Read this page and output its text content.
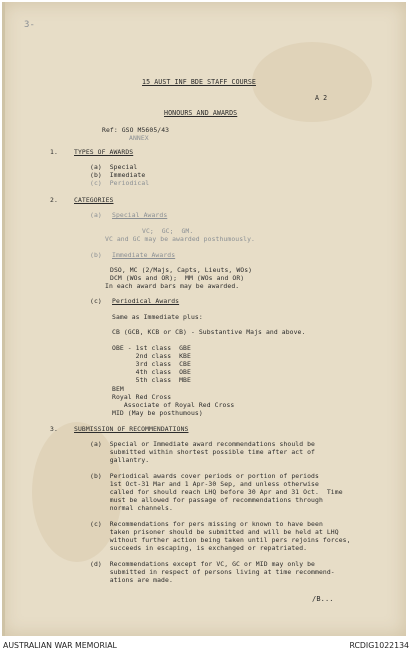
3-
15 AUST INF BDE STAFF COURSE
A 2
HONOURS AND AWARDS
Ref: GSO M5605/43
ANNEX
1.	TYPES OF AWARDS
(a)  Special
(b)  Immediate
(c)  Periodical
2.	CATEGORIES
(a) Special Awards
VC;  GC;  GM.
VC and GC may be awarded posthumously.
(b) Immediate Awards
DSO, MC (2/Majs, Capts, Lieuts, WOs)
DCM (WOs and OR);  MM (WOs and OR)
In each award bars may be awarded.
(c) Periodical Awards
Same as Immediate plus:
CB (GCB, KCB or CB) - Substantive Majs and above.
OBE - 1st class  GBE
2nd class  KBE
3rd class  CBE
4th class  OBE
5th class  MBE
BEM
Royal Red Cross
Associate of Royal Red Cross
MID (May be posthumous)
3.	SUBMISSION OF RECOMMENDATIONS
(a)  Special or Immediate award recommendations should be
submitted within shortest possible time after act of
gallantry.
(b)  Periodical awards cover periods or portion of periods
1st Oct-31 Mar and 1 Apr-30 Sep, and unless otherwise
called for should reach LHQ before 30 Apr and 31 Oct.  Time
must be allowed for passage of recommendations through
normal channels.
(c)  Recommendations for pers missing or known to have been
taken prisoner should be submitted and will be held at LHQ
without further action being taken until pers rejoins forces,
succeeds in escaping, is exchanged or repatriated.
(d)  Recommendations except for VC, GC or MID may only be
submitted in respect of persons living at time recommend-
ations are made.
/B...
AUSTRALIAN WAR MEMORIAL	RCDIG1022134
